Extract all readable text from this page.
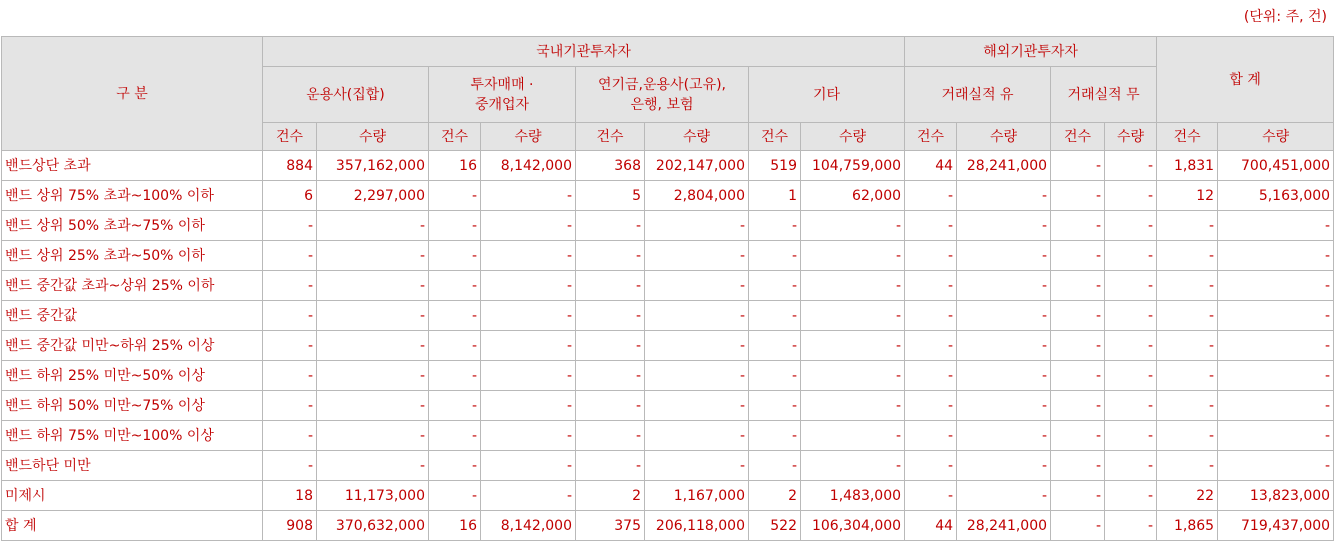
(단위: 주, 건)
구 분	국내기관투자자								해외기관투자자				합 계	
	운용사(집합)		투자매매 ·
중개업자		연기금,운용사(고유),
은행, 보험		기타		거래실적 유		거래실적 무			
	건수	수량	건수	수량	건수	수량	건수	수량	건수	수량	건수	수량	건수	수량
밴드상단 초과	884	357,162,000	16	8,142,000	368	202,147,000	519	104,759,000	44	28,241,000	-	-	1,831	700,451,000
밴드 상위 75% 초과~100% 이하	6	2,297,000	-	-	5	2,804,000	1	62,000	-	-	-	-	12	5,163,000
밴드 상위 50% 초과~75% 이하	-	-	-	-	-	-	-	-	-	-	-	-	-	-
밴드 상위 25% 초과~50% 이하	-	-	-	-	-	-	-	-	-	-	-	-	-	-
밴드 중간값 초과~상위 25% 이하	-	-	-	-	-	-	-	-	-	-	-	-	-	-
밴드 중간값	-	-	-	-	-	-	-	-	-	-	-	-	-	-
밴드 중간값 미만~하위 25% 이상	-	-	-	-	-	-	-	-	-	-	-	-	-	-
밴드 하위 25% 미만~50% 이상	-	-	-	-	-	-	-	-	-	-	-	-	-	-
밴드 하위 50% 미만~75% 이상	-	-	-	-	-	-	-	-	-	-	-	-	-	-
밴드 하위 75% 미만~100% 이상	-	-	-	-	-	-	-	-	-	-	-	-	-	-
밴드하단 미만	-	-	-	-	-	-	-	-	-	-	-	-	-	-
미제시	18	11,173,000	-	-	2	1,167,000	2	1,483,000	-	-	-	-	22	13,823,000
합 계	908	370,632,000	16	8,142,000	375	206,118,000	522	106,304,000	44	28,241,000	-	-	1,865	719,437,000
